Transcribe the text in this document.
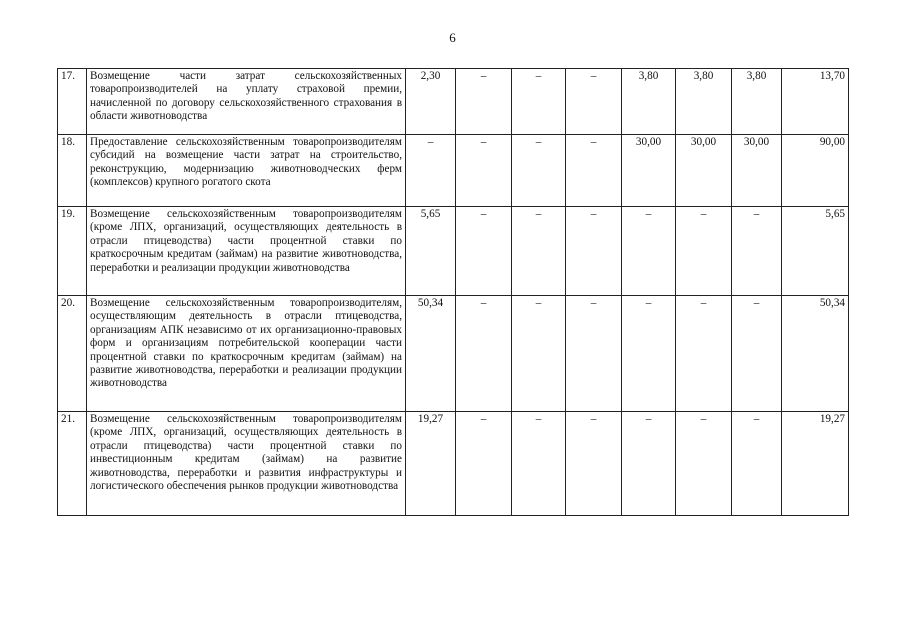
6
17.	Возмещение части затрат сельскохозяйственных товаропроизводителей на уплату страховой премии, начисленной по договору сельскохозяйственного страхования в области животноводства	2,30	–	–	–	3,80	3,80	3,80	13,70
18.	Предоставление сельскохозяйственным товаропроизводителям субсидий на возмещение части затрат на строительство, реконструкцию, модернизацию животноводческих ферм (комплексов) крупного рогатого скота	–	–	–	–	30,00	30,00	30,00	90,00
19.	Возмещение сельскохозяйственным товаропроизводителям (кроме ЛПХ, организаций, осуществляющих деятельность в отрасли птицеводства) части процентной ставки по краткосрочным кредитам (займам) на развитие животноводства, переработки и реализации продукции животноводства	5,65	–	–	–	–	–	–	5,65
20.	Возмещение сельскохозяйственным товаропроизводителям, осуществляющим деятельность в отрасли птицеводства, организациям АПК независимо от их организационно-правовых форм и организациям потребительской кооперации части процентной ставки по краткосрочным кредитам (займам) на развитие животноводства, переработки и реализации продукции животноводства	50,34	–	–	–	–	–	–	50,34
21.	Возмещение сельскохозяйственным товаропроизводителям (кроме ЛПХ, организаций, осуществляющих деятельность в отрасли птицеводства) части процентной ставки по инвестиционным кредитам (займам) на развитие животноводства, переработки и развития инфраструктуры и логистического обеспечения рынков продукции животноводства	19,27	–	–	–	–	–	–	19,27
